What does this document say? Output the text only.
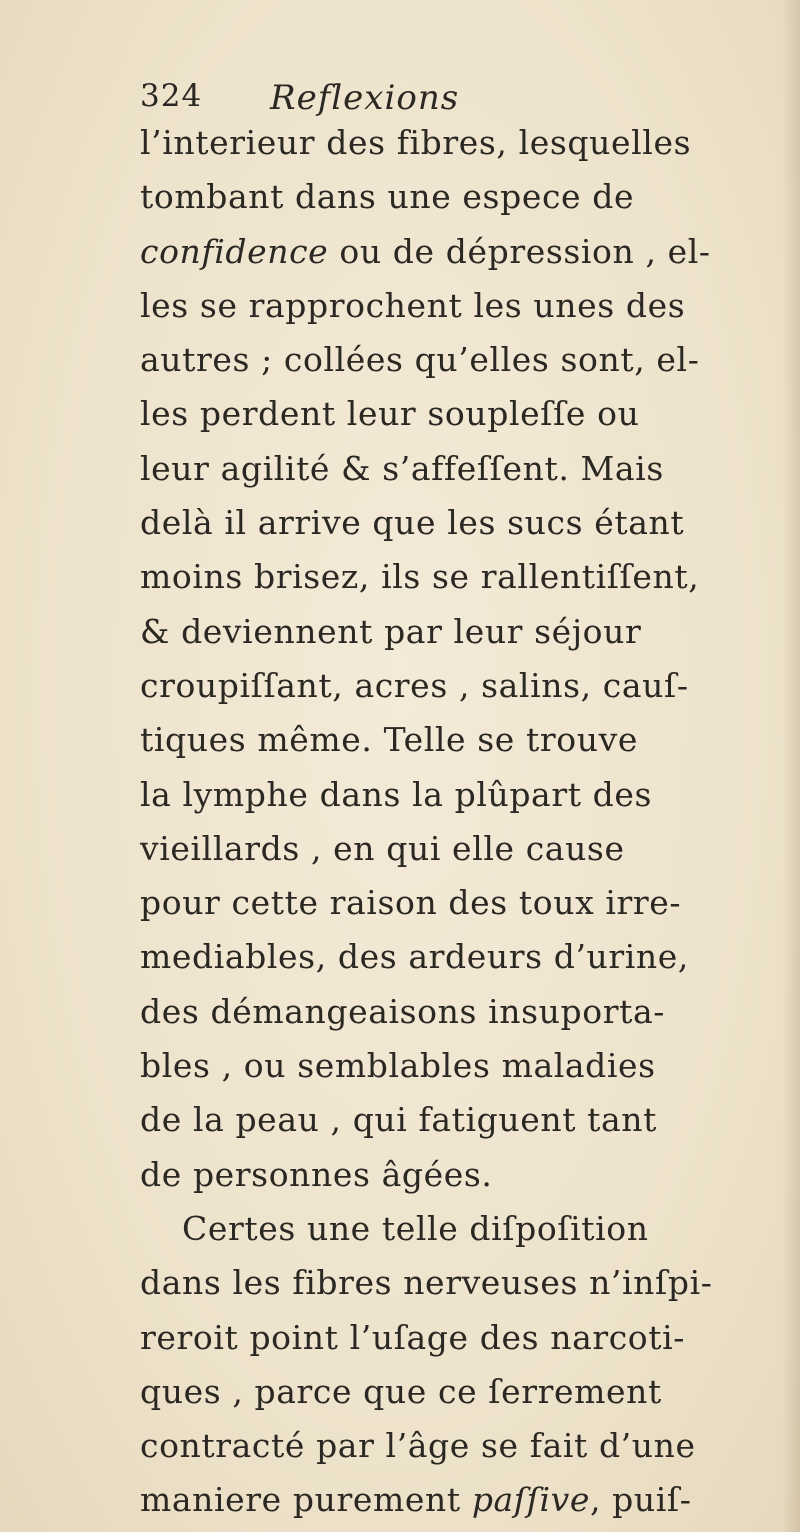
324 Reflexions
l’interieur des fibres, lesquelles
tombant dans une espece de
confidence ou de dépression , el-
les se rapprochent les unes des
autres ; collées qu’elles sont, el-
les perdent leur soupleſſe ou
leur agilité & s’affeſſent. Mais
delà il arrive que les sucs étant
moins brisez, ils se rallentiſſent,
& deviennent par leur séjour
croupiſſant, acres , salins, cauſ-
tiques même. Telle se trouve
la lymphe dans la plûpart des
vieillards , en qui elle cause
pour cette raison des toux irre-
mediables, des ardeurs d’urine,
des démangeaisons insuporta-
bles , ou semblables maladies
de la peau , qui fatiguent tant
de personnes âgées.
Certes une telle diſpoſition
dans les fibres nerveuses n’inſpi-
reroit point l’uſage des narcoti-
ques , parce que ce ſerrement
contracté par l’âge se fait d’une
maniere purement paſſive, puiſ-
